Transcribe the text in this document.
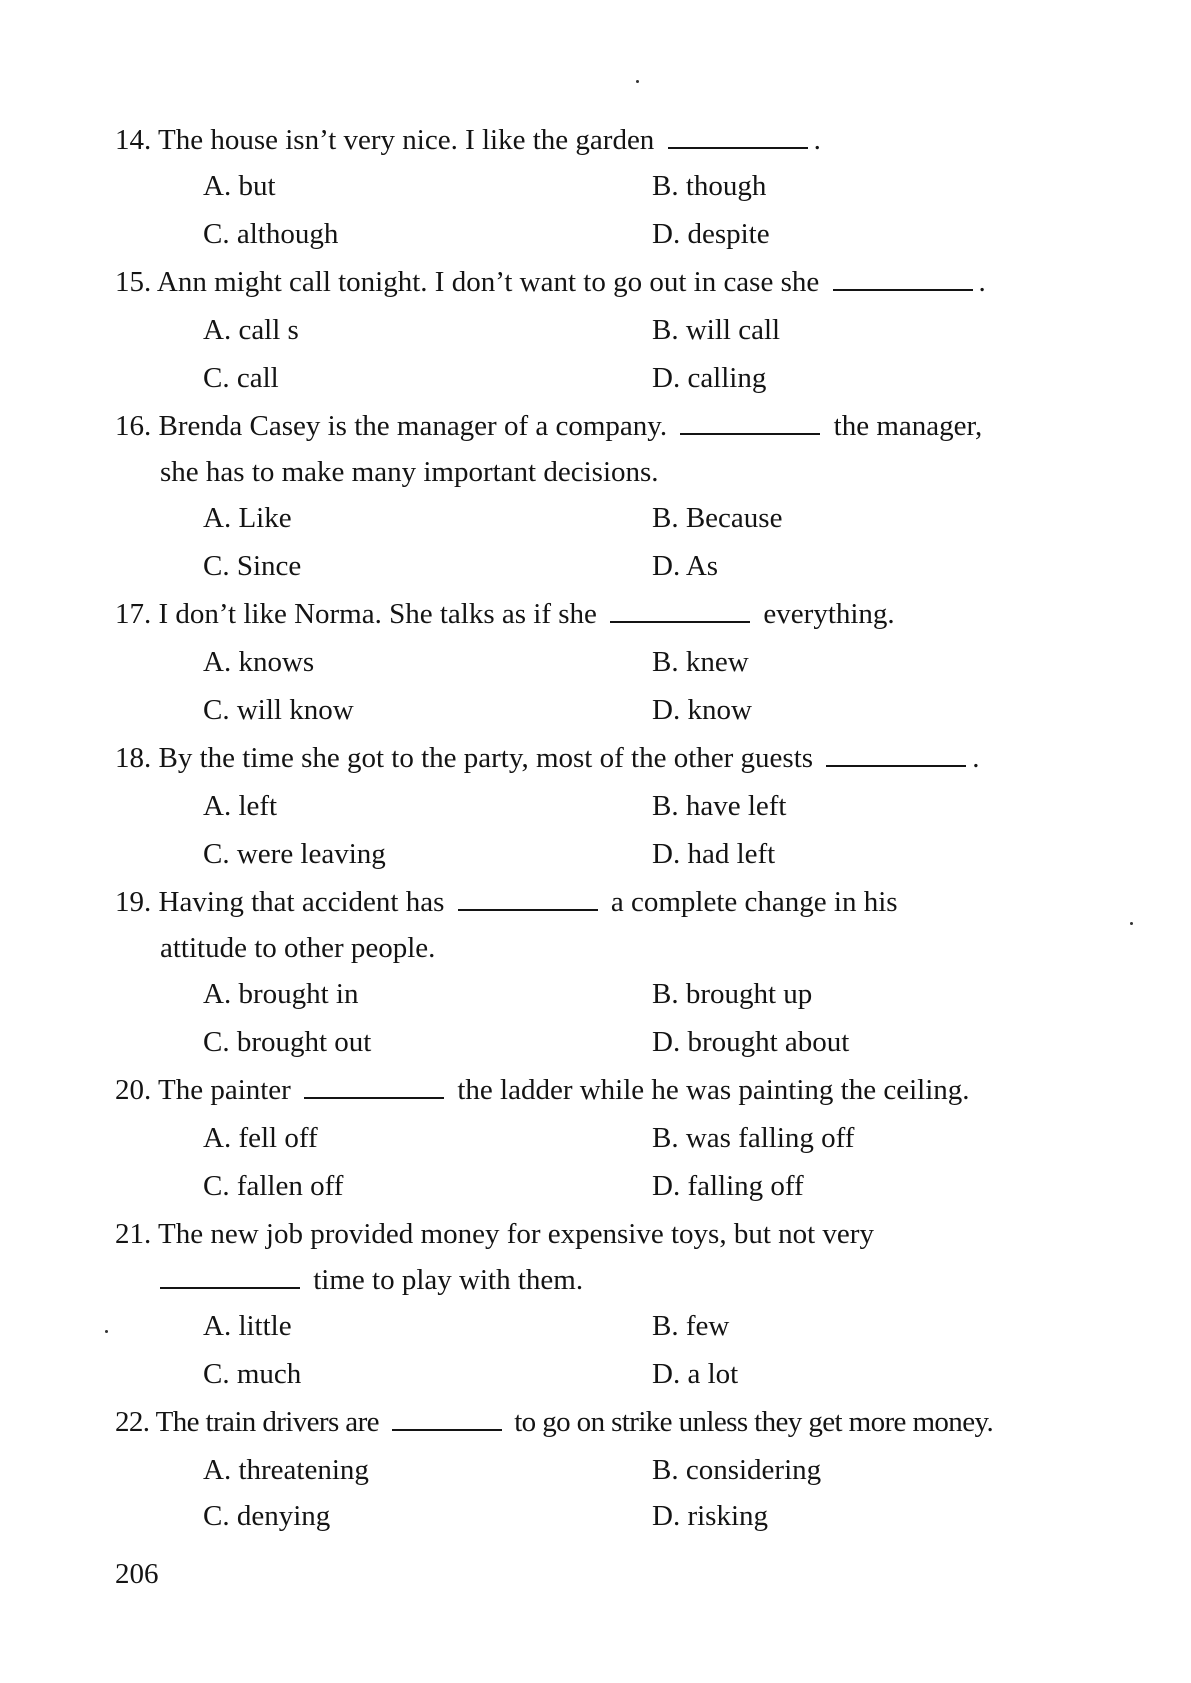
14. The house isn’t very nice. I like the garden	.
A. but	B. though
C. although	D. despite
15. Ann might call tonight. I don’t want to go out in case she	.
A. call s	B. will call
C. call	D. calling
16. Brenda Casey is the manager of a company.	the manager,
she has to make many important decisions.
A. Like	B. Because
C. Since	D. As
17. I don’t like Norma. She talks as if she	everything.
A. knows	B. knew
C. will know	D. know
18. By the time she got to the party, most of the other guests	.
A. left	B. have left
C. were leaving	D. had left
19. Having that accident has	a complete change in his
attitude to other people.
A. brought in	B. brought up
C. brought out	D. brought about
20. The painter	the ladder while he was painting the ceiling.
A. fell off	B. was falling off
C. fallen off	D. falling off
21. The new job provided money for expensive toys, but not very
time to play with them.
A. little	B. few
C. much	D. a lot
22. The train drivers are	to go on strike unless they get more money.
A. threatening	B. considering
C. denying	D. risking
206
